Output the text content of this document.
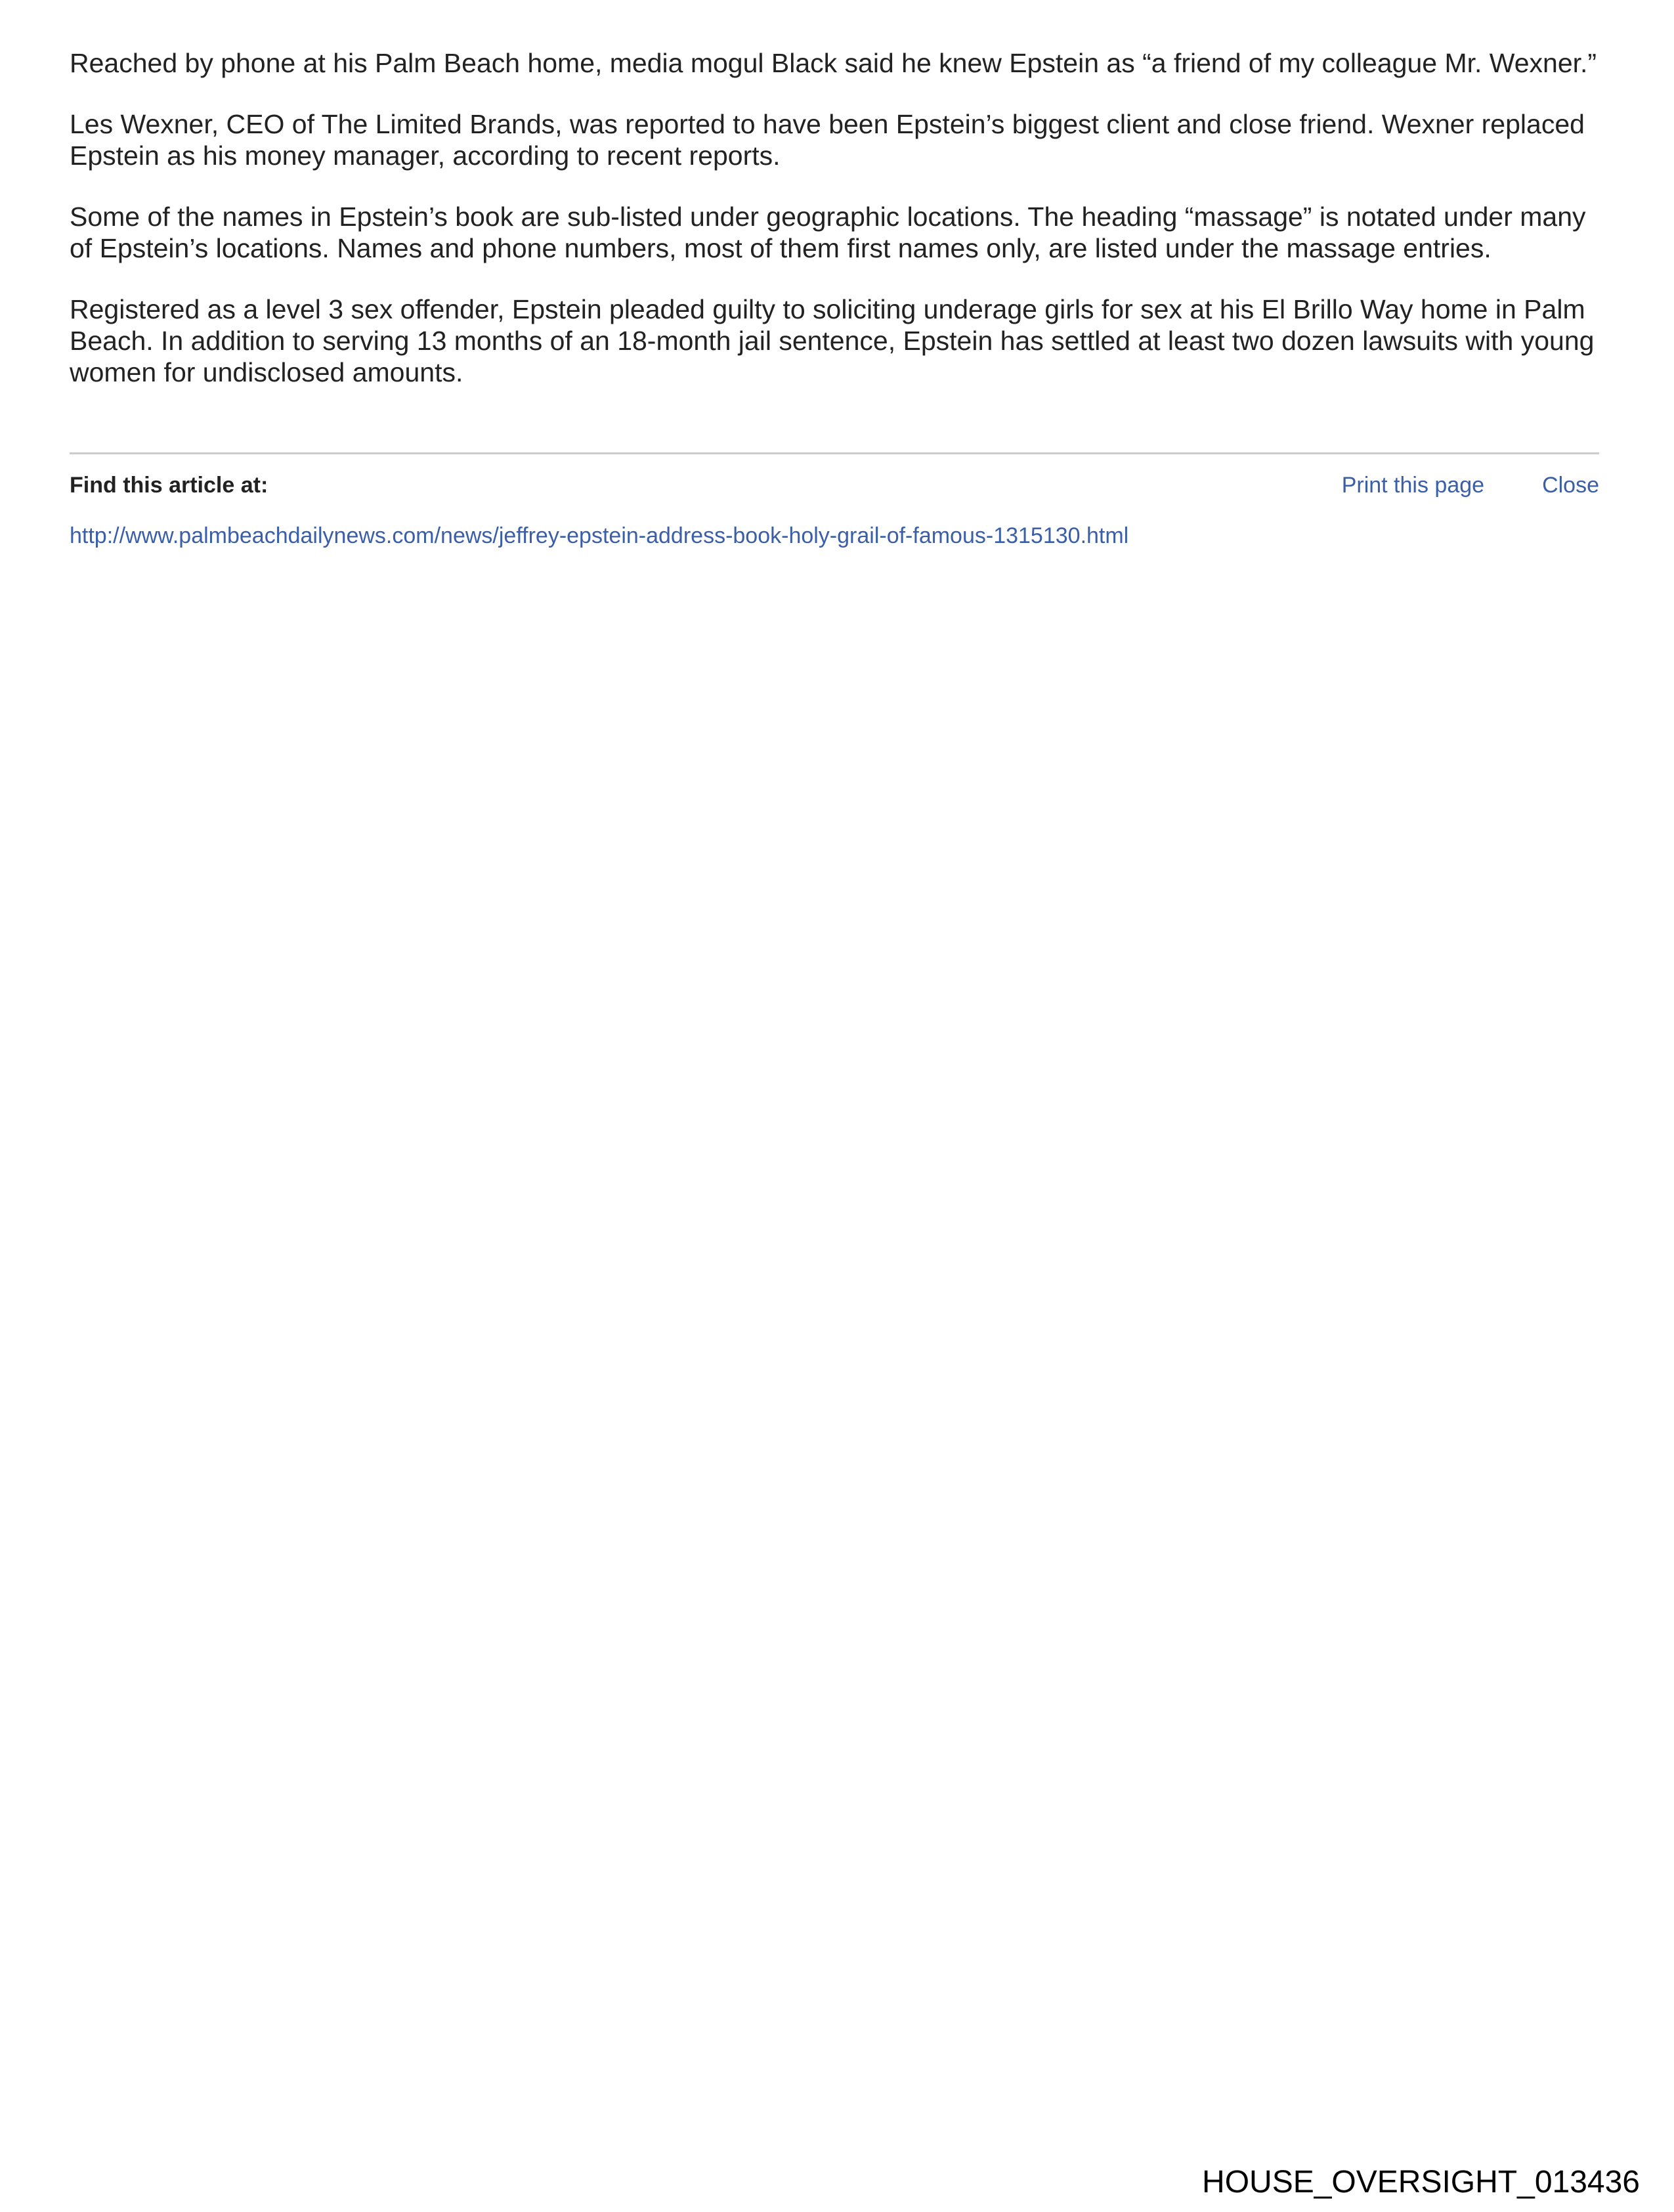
Reached by phone at his Palm Beach home, media mogul Black said he knew Epstein as “a friend of my colleague Mr. Wexner.”

Les Wexner, CEO of The Limited Brands, was reported to have been Epstein’s biggest client and close friend. Wexner replaced Epstein as his money manager, according to recent reports.

Some of the names in Epstein’s book are sub-listed under geographic locations. The heading “massage” is notated under many of Epstein’s locations. Names and phone numbers, most of them first names only, are listed under the massage entries.

Registered as a level 3 sex offender, Epstein pleaded guilty to soliciting underage girls for sex at his El Brillo Way home in Palm Beach. In addition to serving 13 months of an 18-month jail sentence, Epstein has settled at least two dozen lawsuits with young women for undisclosed amounts.

Find this article at:	Print this page	Close
http://www.palmbeachdailynews.com/news/jeffrey-epstein-address-book-holy-grail-of-famous-1315130.html
HOUSE_OVERSIGHT_013436
